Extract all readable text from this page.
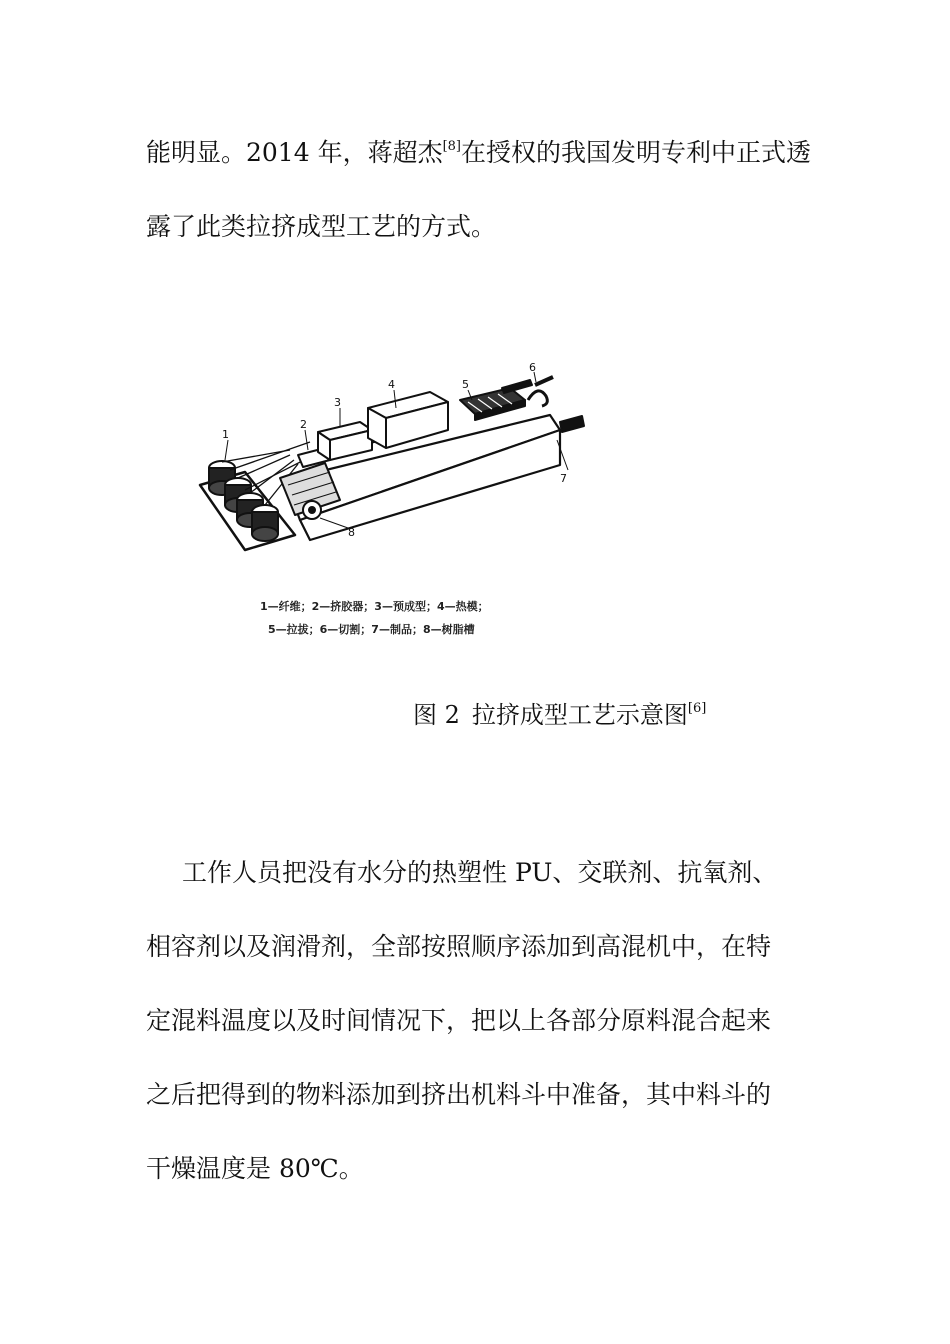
能明显。2014 年，蒋超杰[8]在授权的我国发明专利中正式透
露了此类拉挤成型工艺的方式。
1
2
3
4	5
6
7
8
1—纤维；2—挤胶器；3—预成型；4—热模；
5—拉拔；6—切割；7—制品；8—树脂槽
图 2 拉挤成型工艺示意图[6]
工作人员把没有水分的热塑性 PU、交联剂、抗氧剂、
相容剂以及润滑剂，全部按照顺序添加到高混机中，在特
定混料温度以及时间情况下，把以上各部分原料混合起来
之后把得到的物料添加到挤出机料斗中准备，其中料斗的
干燥温度是 80℃。
